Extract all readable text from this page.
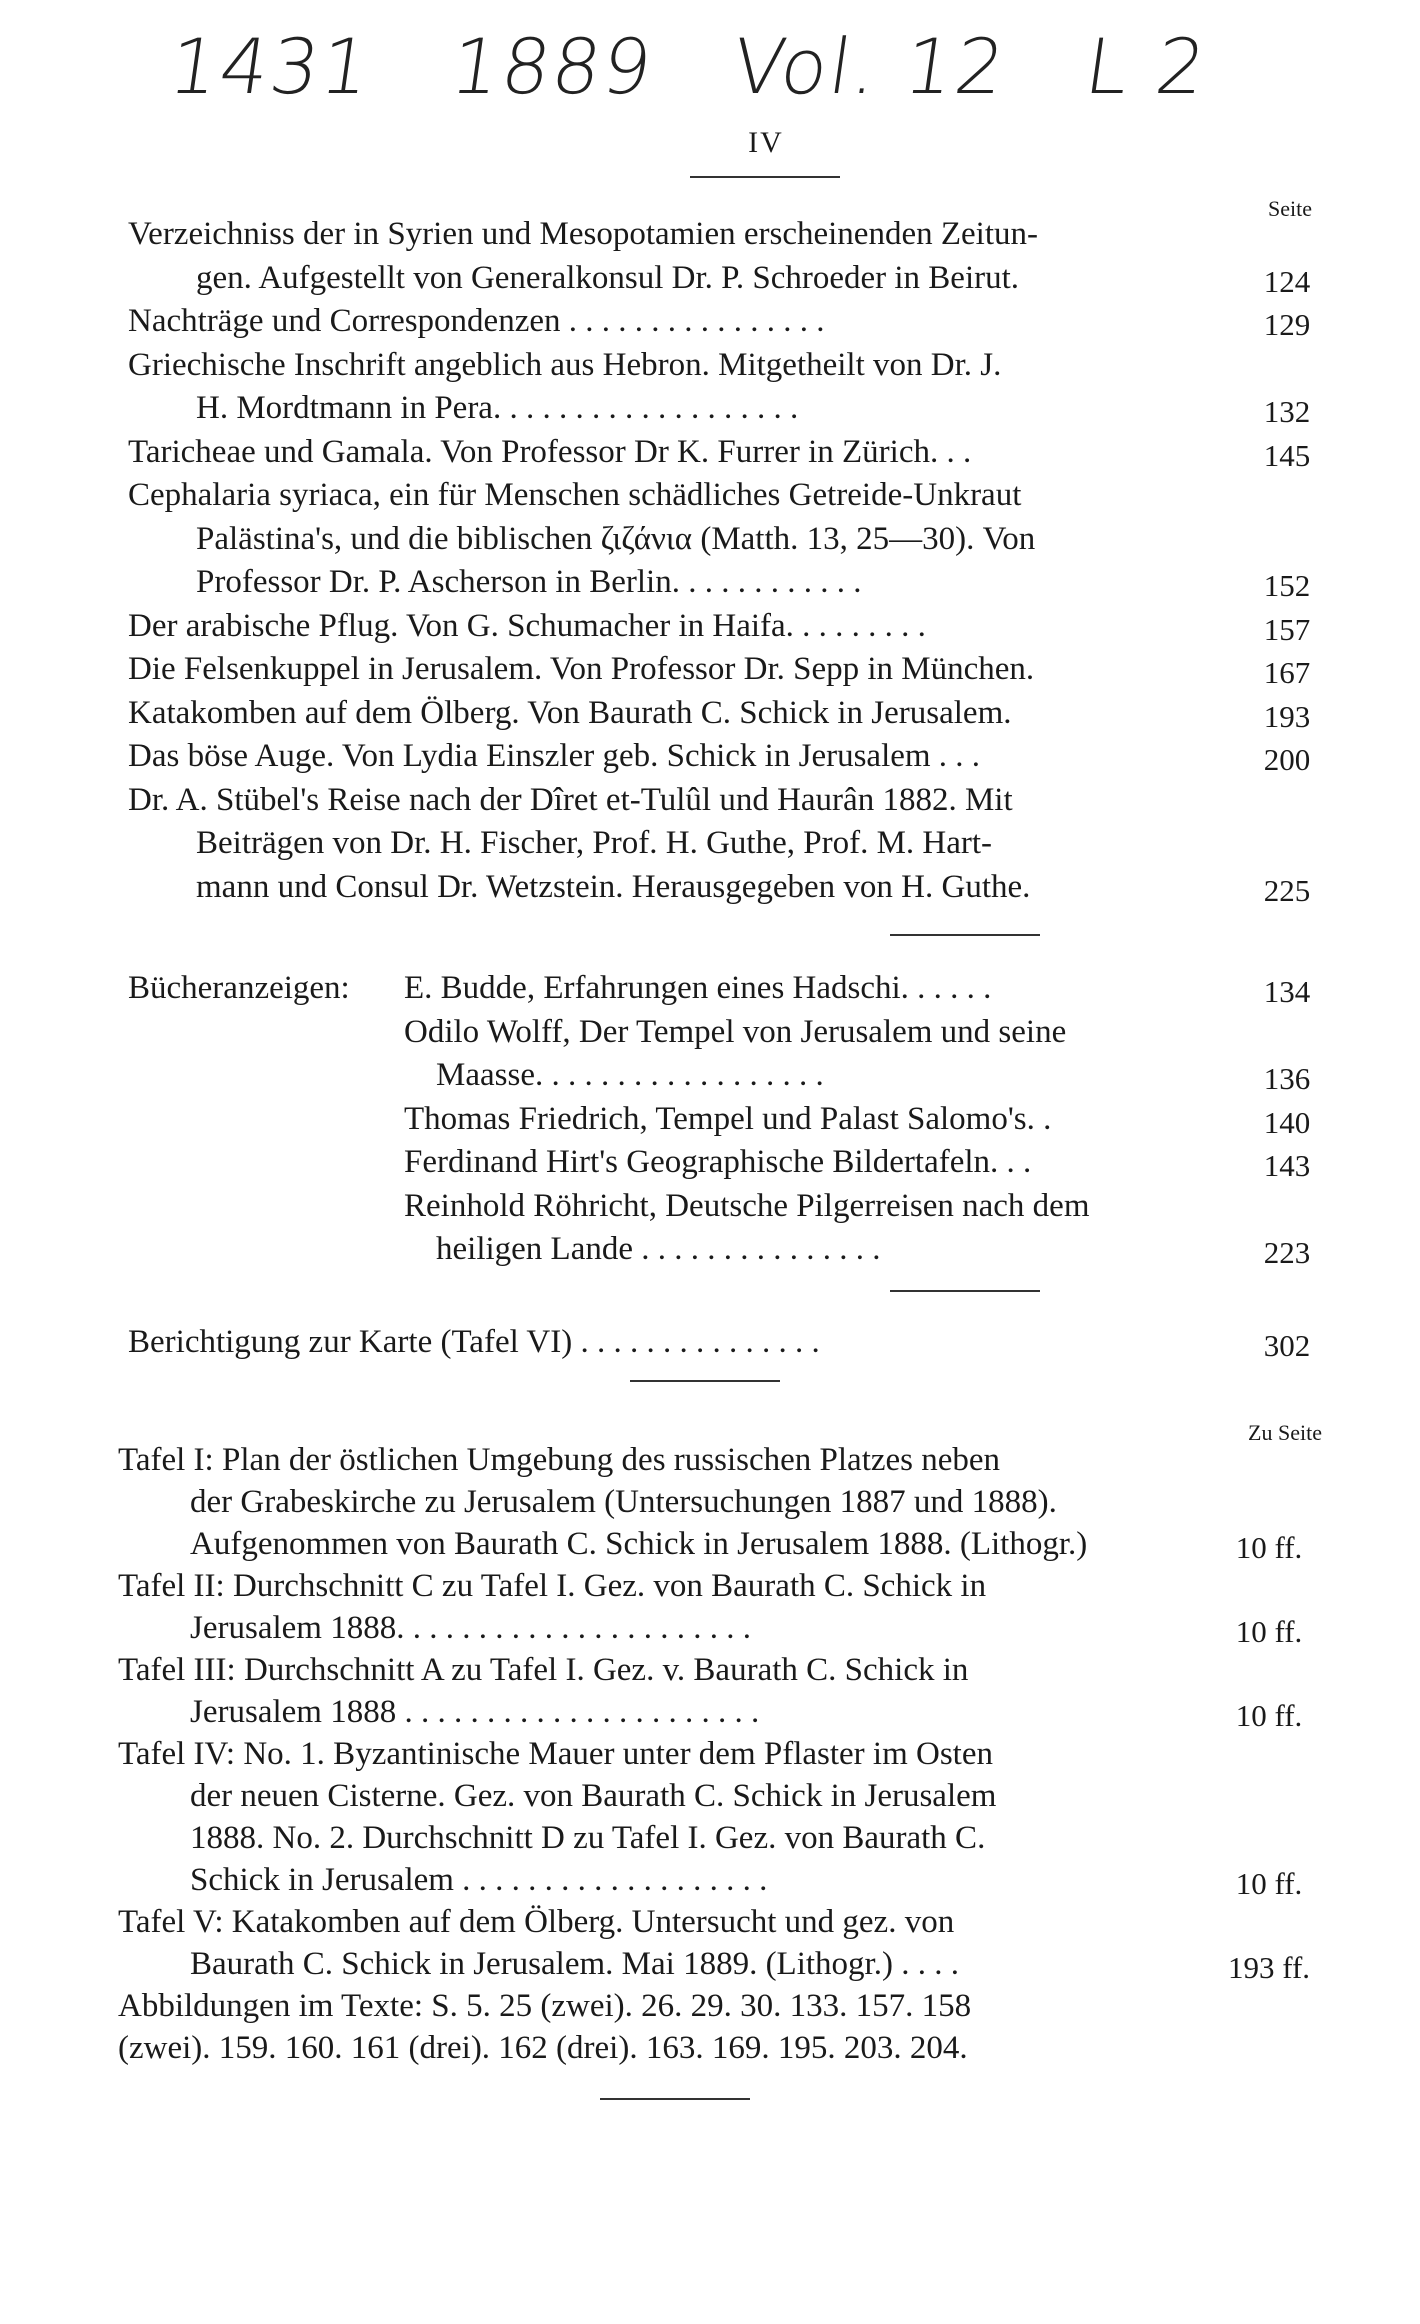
1431 1889 Vol. 12 L 2
IV
Seite
Verzeichniss der in Syrien und Mesopotamien erscheinenden Zeitun-
gen. Aufgestellt von Generalkonsul Dr. P. Schroeder in Beirut.	124
Nachträge und Correspondenzen . . . . . . . . . . . . . . . .	129
Griechische Inschrift angeblich aus Hebron. Mitgetheilt von Dr. J.
H. Mordtmann in Pera. . . . . . . . . . . . . . . . . . .	132
Taricheae und Gamala. Von Professor Dr K. Furrer in Zürich. . .	145
Cephalaria syriaca, ein für Menschen schädliches Getreide-Unkraut
Palästina's, und die biblischen ζιζάνια (Matth. 13, 25—30). Von
Professor Dr. P. Ascherson in Berlin. . . . . . . . . . . .	152
Der arabische Pflug. Von G. Schumacher in Haifa. . . . . . . . .	157
Die Felsenkuppel in Jerusalem. Von Professor Dr. Sepp in München.	167
Katakomben auf dem Ölberg. Von Baurath C. Schick in Jerusalem.	193
Das böse Auge. Von Lydia Einszler geb. Schick in Jerusalem . . .	200
Dr. A. Stübel's Reise nach der Dîret et-Tulûl und Haurân 1882. Mit
Beiträgen von Dr. H. Fischer, Prof. H. Guthe, Prof. M. Hart-
mann und Consul Dr. Wetzstein. Herausgegeben von H. Guthe.	225
Bücheranzeigen: E. Budde, Erfahrungen eines Hadschi. . . . . .	134
Odilo Wolff, Der Tempel von Jerusalem und seine
Maasse. . . . . . . . . . . . . . . . . .	136
Thomas Friedrich, Tempel und Palast Salomo's. .	140
Ferdinand Hirt's Geographische Bildertafeln. . .	143
Reinhold Röhricht, Deutsche Pilgerreisen nach dem
heiligen Lande . . . . . . . . . . . . . . .	223
Berichtigung zur Karte (Tafel VI) . . . . . . . . . . . . . . .	302
Zu Seite
Tafel I: Plan der östlichen Umgebung des russischen Platzes neben
der Grabeskirche zu Jerusalem (Untersuchungen 1887 und 1888).
Aufgenommen von Baurath C. Schick in Jerusalem 1888. (Lithogr.)	10 ff.
Tafel II: Durchschnitt C zu Tafel I. Gez. von Baurath C. Schick in
Jerusalem 1888. . . . . . . . . . . . . . . . . . . . . .	10 ff.
Tafel III: Durchschnitt A zu Tafel I. Gez. v. Baurath C. Schick in
Jerusalem 1888 . . . . . . . . . . . . . . . . . . . . . .	10 ff.
Tafel IV: No. 1. Byzantinische Mauer unter dem Pflaster im Osten
der neuen Cisterne. Gez. von Baurath C. Schick in Jerusalem
1888. No. 2. Durchschnitt D zu Tafel I. Gez. von Baurath C.
Schick in Jerusalem . . . . . . . . . . . . . . . . . . .	10 ff.
Tafel V: Katakomben auf dem Ölberg. Untersucht und gez. von
Baurath C. Schick in Jerusalem. Mai 1889. (Lithogr.) . . . .	193 ff.
Abbildungen im Texte: S. 5. 25 (zwei). 26. 29. 30. 133. 157. 158
(zwei). 159. 160. 161 (drei). 162 (drei). 163. 169. 195. 203. 204.
